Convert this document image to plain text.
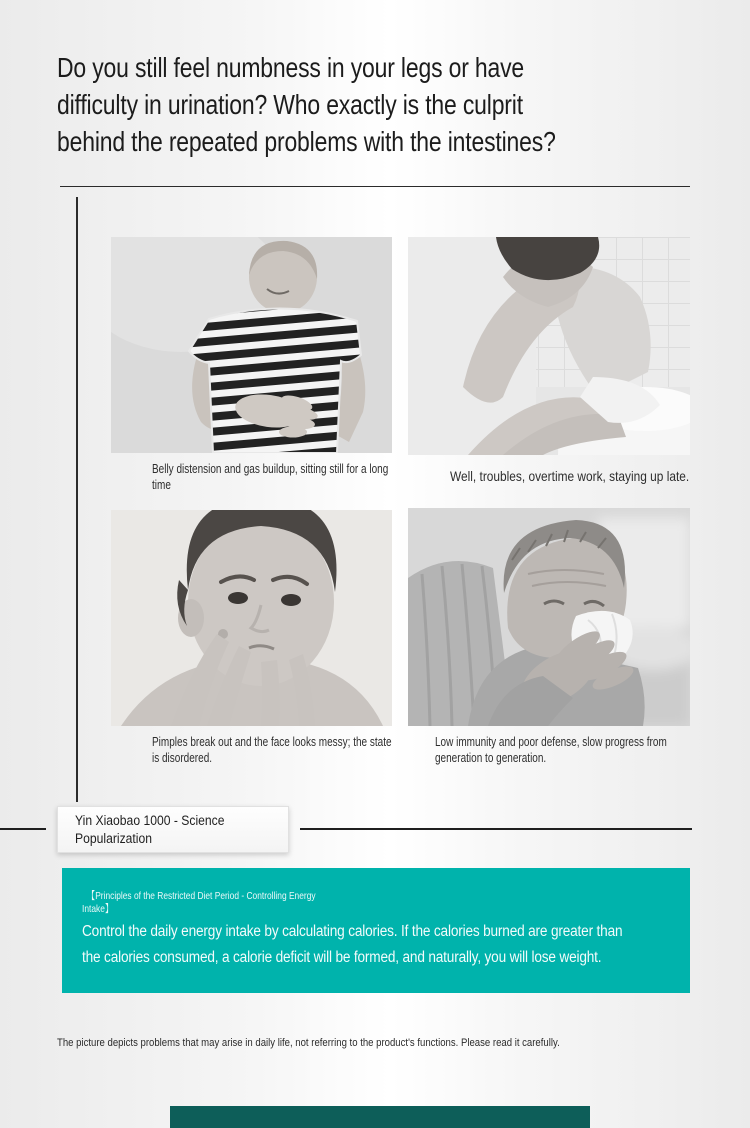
Do you still feel numbness in your legs or have
difficulty in urination? Who exactly is the culprit
behind the repeated problems with the intestines?
Belly distension and gas buildup, sitting still for a long
time
Well, troubles, overtime work, staying up late.
Pimples break out and the face looks messy; the state
is disordered.
Low immunity and poor defense, slow progress from
generation to generation.
Yin Xiaobao 1000 - Science
Popularization
【Principles of the Restricted Diet Period - Controlling Energy
Intake】
Control the daily energy intake by calculating calories. If the calories burned are greater than
the calories consumed, a calorie deficit will be formed, and naturally, you will lose weight.
The picture depicts problems that may arise in daily life, not referring to the product's functions. Please read it carefully.
